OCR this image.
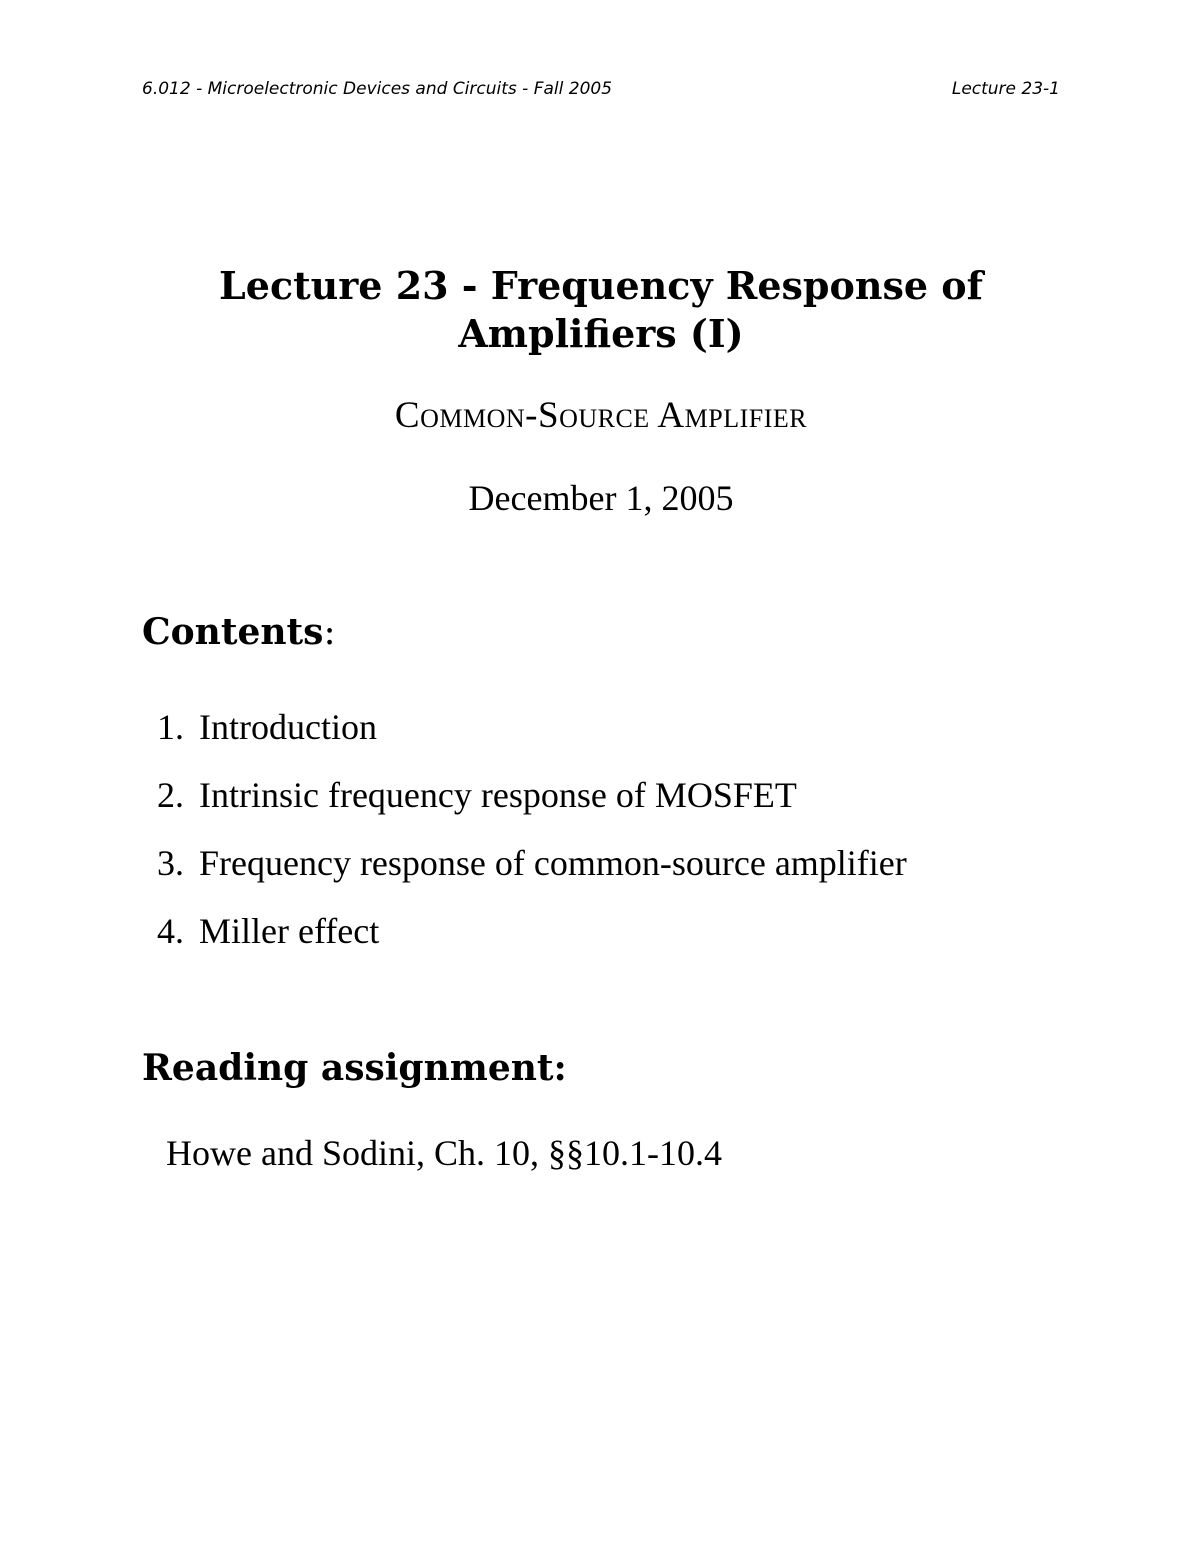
6.012 - Microelectronic Devices and Circuits - Fall 2005	Lecture 23-1
Lecture 23 - Frequency Response of
Amplifiers (I)
Common-Source Amplifier
December 1, 2005
Contents:
1. Introduction
2. Intrinsic frequency response of MOSFET
3. Frequency response of common-source amplifier
4. Miller effect
Reading assignment:

Howe and Sodini, Ch. 10, §§10.1-10.4
